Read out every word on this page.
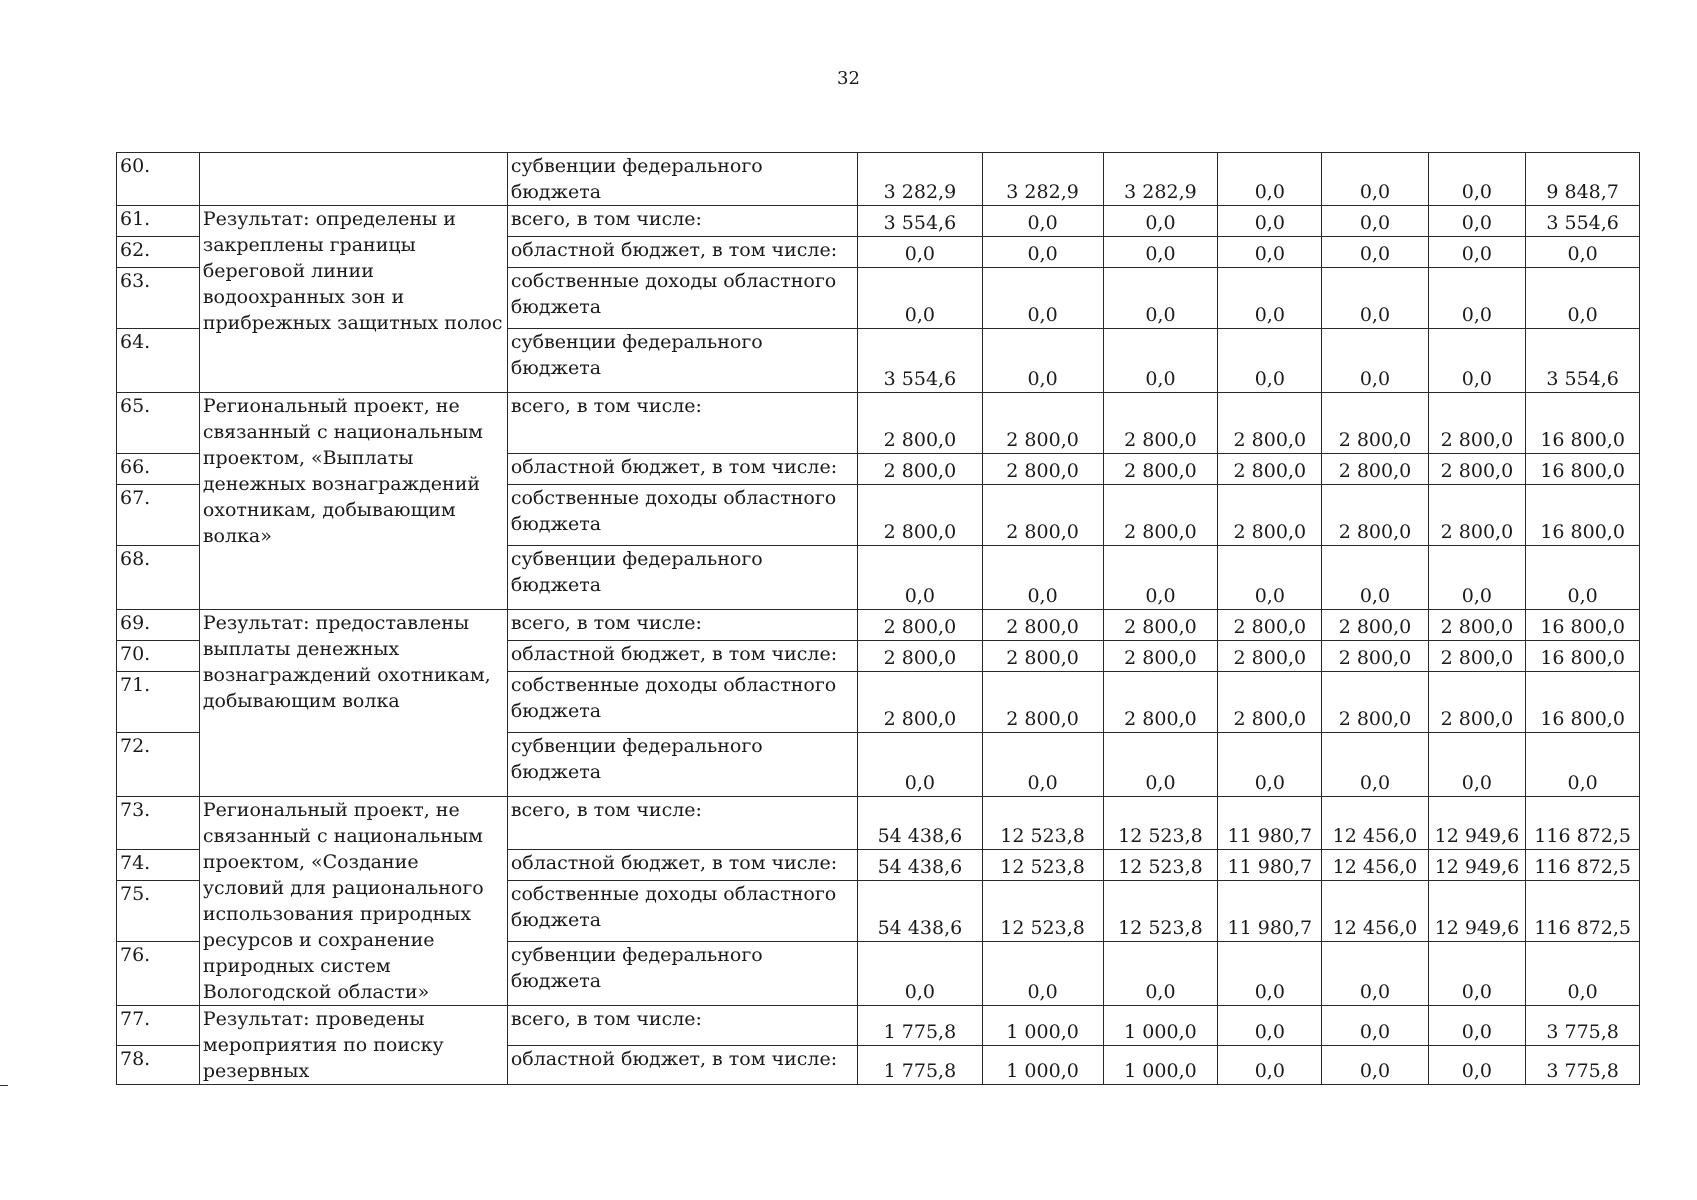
32
60.		субвенции федерального бюджета	3 282,9	3 282,9	3 282,9	0,0	0,0	0,0	9 848,7
61.	Результат: определены и закреплены границы береговой линии водоохранных зон и прибрежных защитных полос	всего, в том числе:	3 554,6	0,0	0,0	0,0	0,0	0,0	3 554,6
62.		областной бюджет, в том числе:	0,0	0,0	0,0	0,0	0,0	0,0	0,0
63.		собственные доходы областного бюджета	0,0	0,0	0,0	0,0	0,0	0,0	0,0
64.		субвенции федерального бюджета	3 554,6	0,0	0,0	0,0	0,0	0,0	3 554,6
65.	Региональный проект, не связанный с национальным проектом, «Выплаты денежных вознаграждений охотникам, добывающим волка»	всего, в том числе:	2 800,0	2 800,0	2 800,0	2 800,0	2 800,0	2 800,0	16 800,0
66.		областной бюджет, в том числе:	2 800,0	2 800,0	2 800,0	2 800,0	2 800,0	2 800,0	16 800,0
67.		собственные доходы областного бюджета	2 800,0	2 800,0	2 800,0	2 800,0	2 800,0	2 800,0	16 800,0
68.		субвенции федерального бюджета	0,0	0,0	0,0	0,0	0,0	0,0	0,0
69.	Результат: предоставлены выплаты денежных вознаграждений охотникам, добывающим волка	всего, в том числе:	2 800,0	2 800,0	2 800,0	2 800,0	2 800,0	2 800,0	16 800,0
70.		областной бюджет, в том числе:	2 800,0	2 800,0	2 800,0	2 800,0	2 800,0	2 800,0	16 800,0
71.		собственные доходы областного бюджета	2 800,0	2 800,0	2 800,0	2 800,0	2 800,0	2 800,0	16 800,0
72.		субвенции федерального бюджета	0,0	0,0	0,0	0,0	0,0	0,0	0,0
73.	Региональный проект, не связанный с национальным проектом, «Создание условий для рационального использования природных ресурсов и сохранение природных систем Вологодской области»	всего, в том числе:	54 438,6	12 523,8	12 523,8	11 980,7	12 456,0	12 949,6	116 872,5
74.		областной бюджет, в том числе:	54 438,6	12 523,8	12 523,8	11 980,7	12 456,0	12 949,6	116 872,5
75.		собственные доходы областного бюджета	54 438,6	12 523,8	12 523,8	11 980,7	12 456,0	12 949,6	116 872,5
76.		субвенции федерального бюджета	0,0	0,0	0,0	0,0	0,0	0,0	0,0
77.	Результат: проведены мероприятия по поиску резервных	всего, в том числе:	1 775,8	1 000,0	1 000,0	0,0	0,0	0,0	3 775,8
78.		областной бюджет, в том числе:	1 775,8	1 000,0	1 000,0	0,0	0,0	0,0	3 775,8
